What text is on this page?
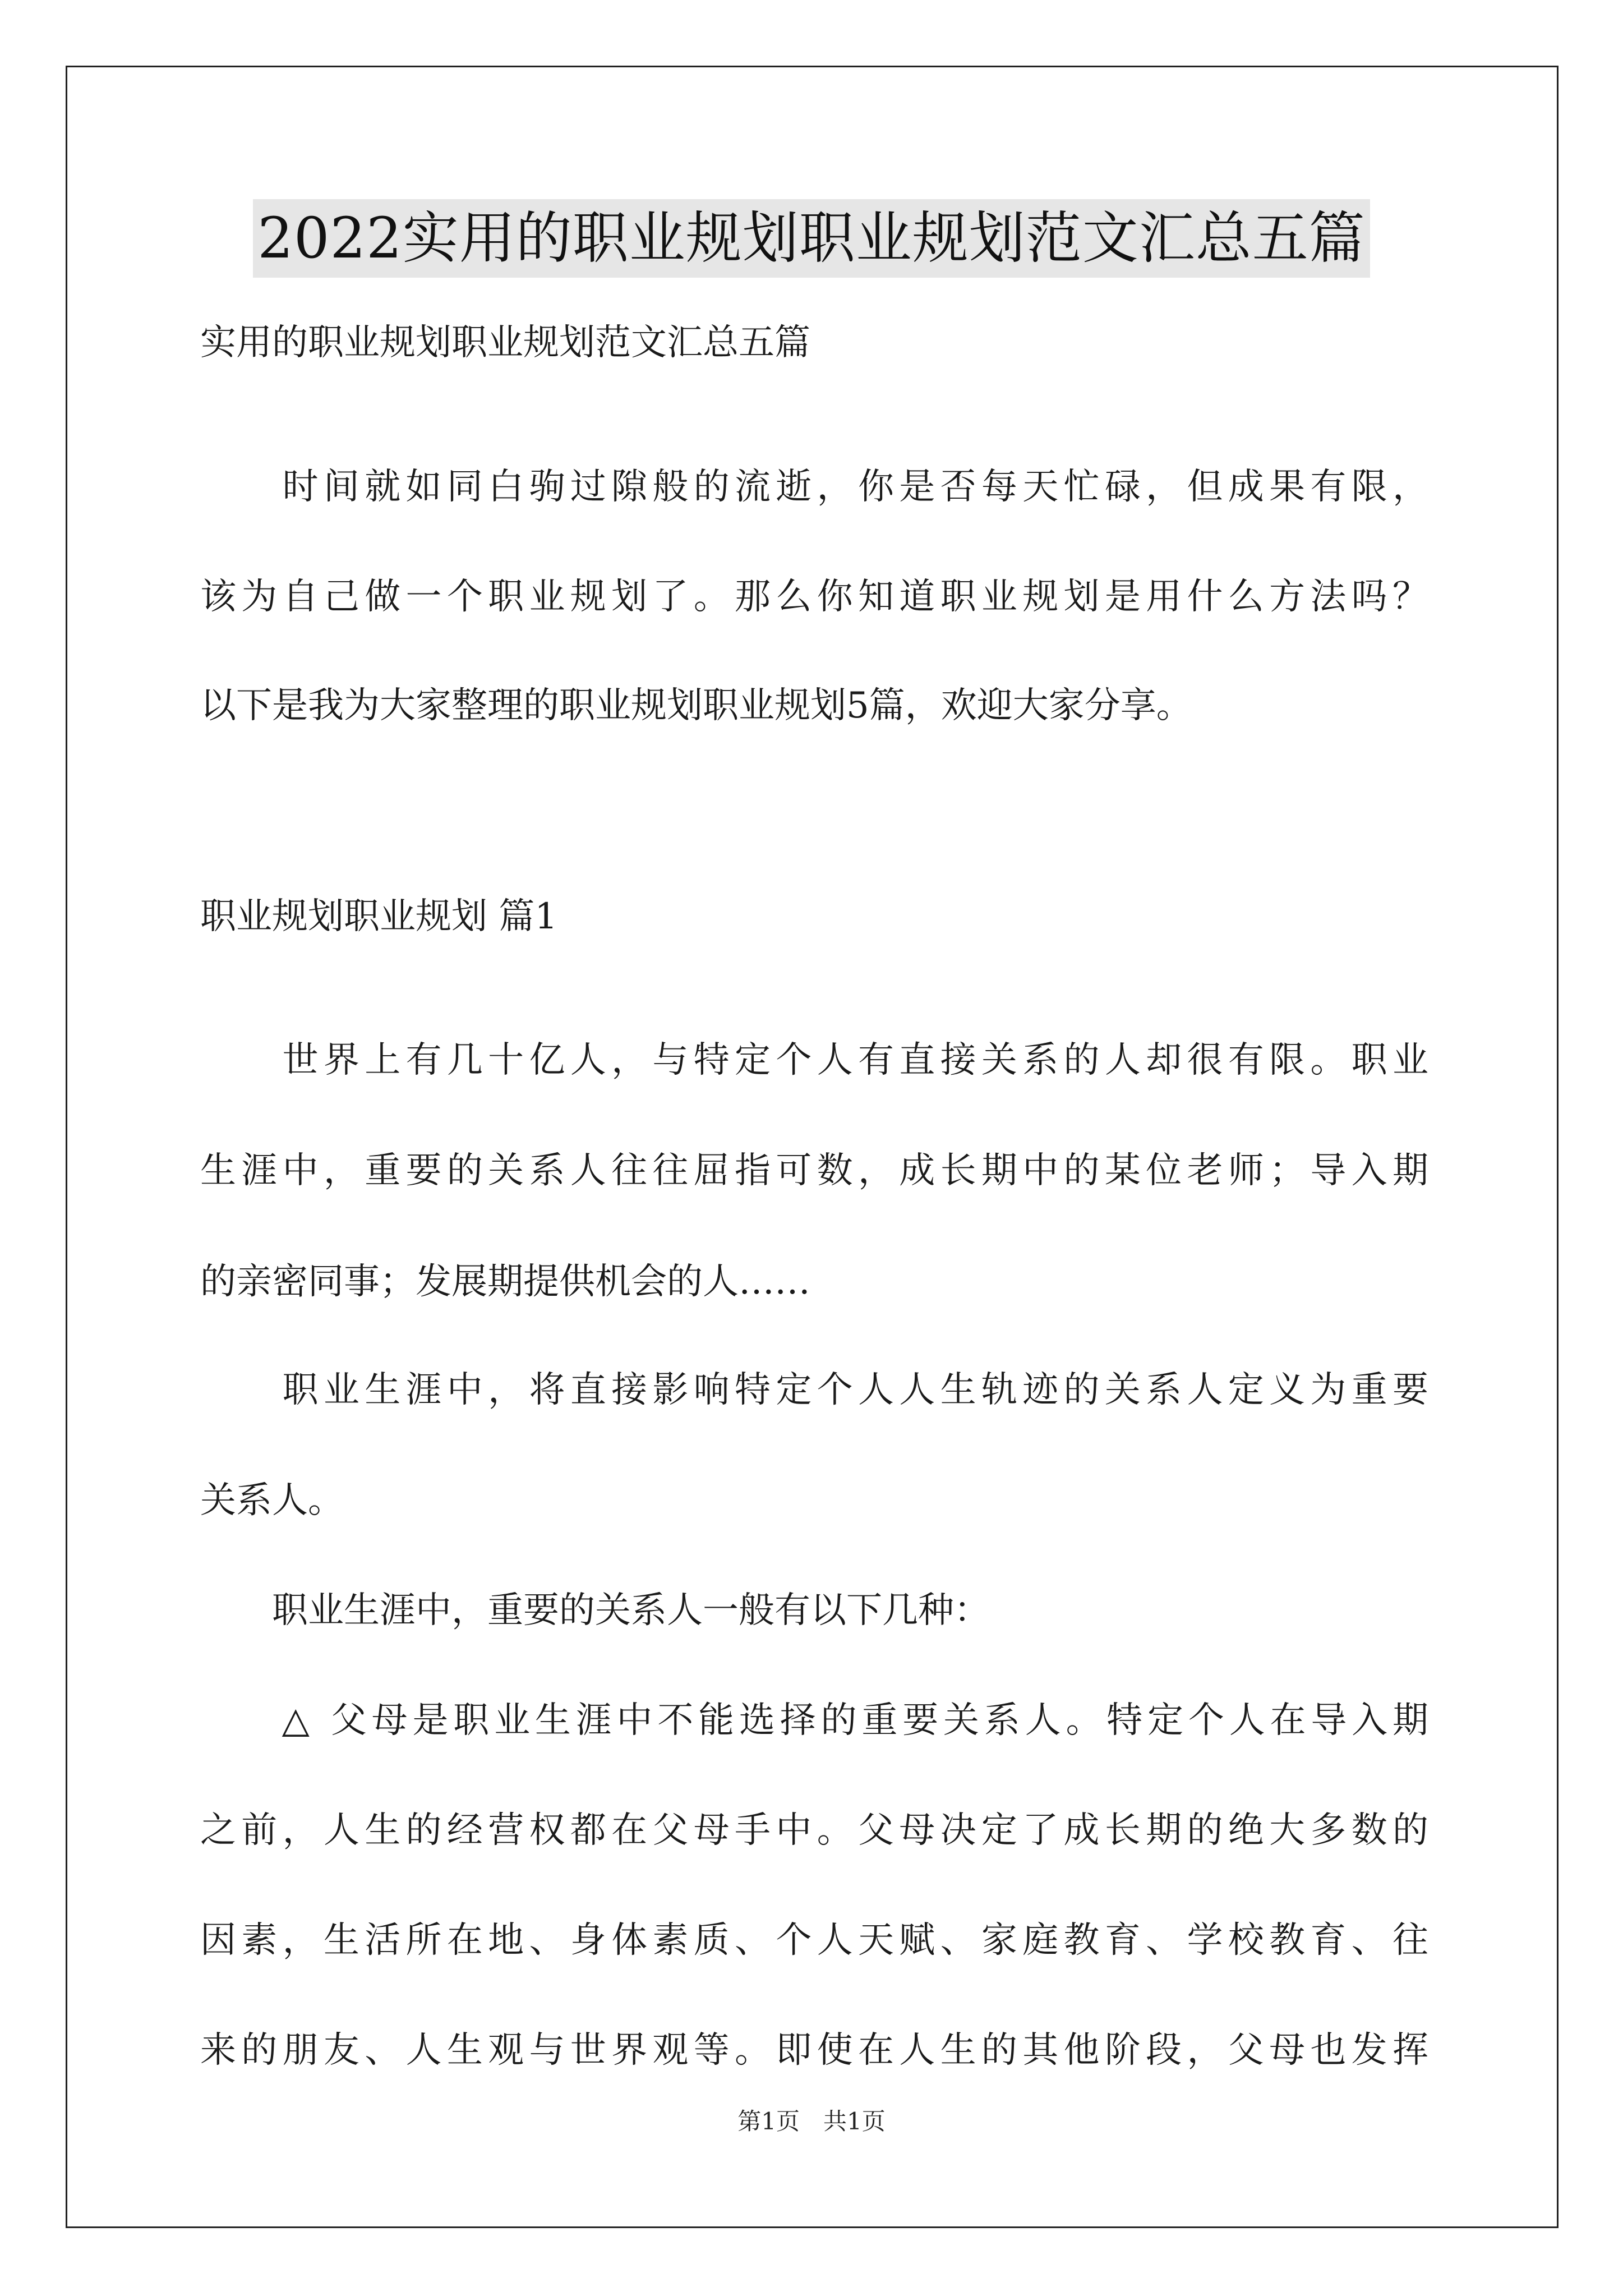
2022实用的职业规划职业规划范文汇总五篇
实用的职业规划职业规划范文汇总五篇
　　时间就如同白驹过隙般的流逝，你是否每天忙碌，但成果有限，
该为自己做一个职业规划了。那么你知道职业规划是用什么方法吗？
以下是我为大家整理的职业规划职业规划5篇，欢迎大家分享。
职业规划职业规划 篇1
　　世界上有几十亿人，与特定个人有直接关系的人却很有限。职业
生涯中，重要的关系人往往屈指可数，成长期中的某位老师；导入期
的亲密同事；发展期提供机会的人……
　　职业生涯中，将直接影响特定个人人生轨迹的关系人定义为重要
关系人。
　　职业生涯中，重要的关系人一般有以下几种：
　　△ 父母是职业生涯中不能选择的重要关系人。特定个人在导入期
之前，人生的经营权都在父母手中。父母决定了成长期的绝大多数的
因素，生活所在地、身体素质、个人天赋、家庭教育、学校教育、往
来的朋友、人生观与世界观等。即使在人生的其他阶段，父母也发挥
第1页　共1页
